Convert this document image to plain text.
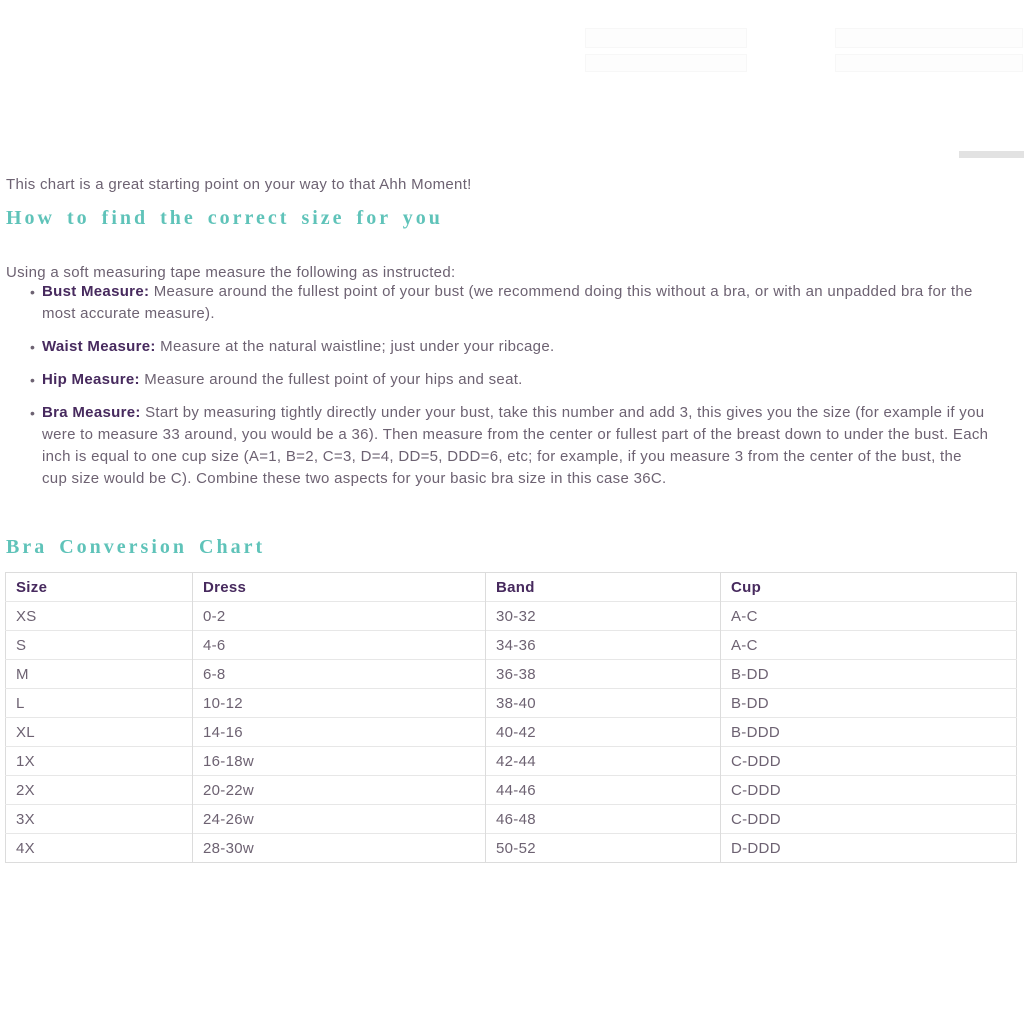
This chart is a great starting point on your way to that Ahh Moment!

How to find the correct size for you

Using a soft measuring tape measure the following as instructed:

• Bust Measure: Measure around the fullest point of your bust (we recommend doing this without a bra, or with an unpadded bra for the most accurate measure).
• Waist Measure: Measure at the natural waistline; just under your ribcage.
• Hip Measure: Measure around the fullest point of your hips and seat.
• Bra Measure: Start by measuring tightly directly under your bust, take this number and add 3, this gives you the size (for example if you were to measure 33 around, you would be a 36). Then measure from the center or fullest part of the breast down to under the bust. Each inch is equal to one cup size (A=1, B=2, C=3, D=4, DD=5, DDD=6, etc; for example, if you measure 3 from the center of the bust, the cup size would be C). Combine these two aspects for your basic bra size in this case 36C.
Bra Conversion Chart
Size	Dress	Band	Cup
XS	0-2	30-32	A-C
S	4-6	34-36	A-C
M	6-8	36-38	B-DD
L	10-12	38-40	B-DD
XL	14-16	40-42	B-DDD
1X	16-18w	42-44	C-DDD
2X	20-22w	44-46	C-DDD
3X	24-26w	46-48	C-DDD
4X	28-30w	50-52	D-DDD
